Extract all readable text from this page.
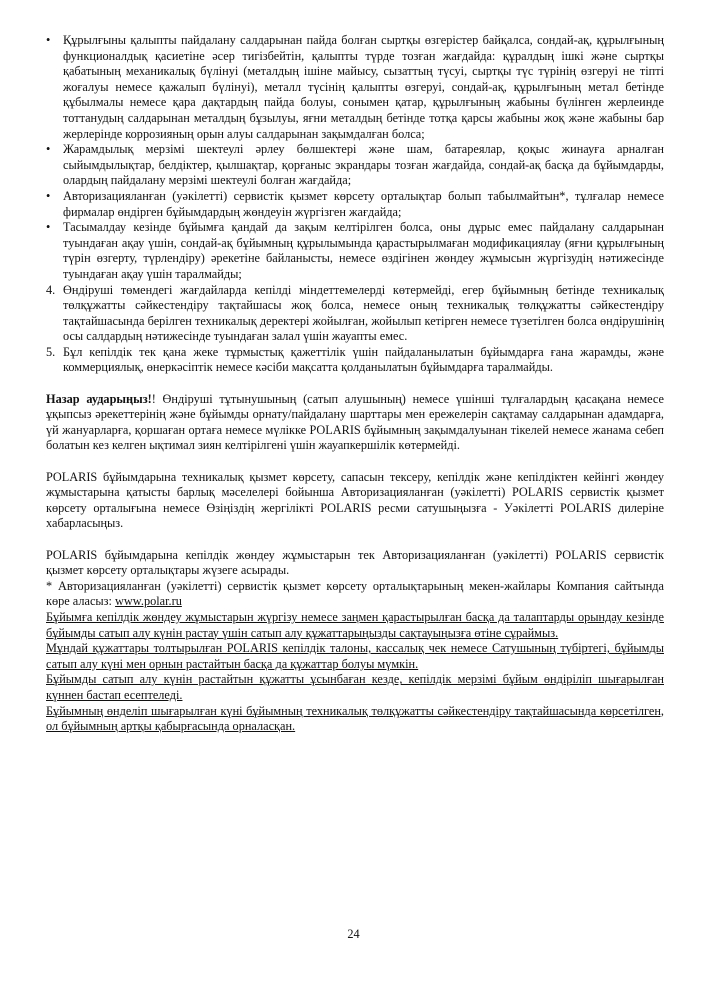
• Құрылғыны қалыпты пайдалану салдарынан пайда болған сыртқы өзгерістер байқалса, сондай-ақ, құрылғының функционалдық қасиетіне әсер тигізбейтін, қалыпты түрде тозған жағдайда: құралдың ішкі және сыртқы қабатының механикалық бүлінуі (металдың ішіне майысу, сызаттың түсуі, сыртқы түс түрінің өзгеруі не тіпті жоғалуы немесе қажалып бүлінуі), металл түсінің қалыпты өзгеруі, сондай-ақ, құрылғының метал бетінде құбылмалы немесе қара дақтардың пайда болуы, сонымен қатар, құрылғының жабыны бүлінген жерлеинде тоттанудың салдарынан металдың бұзылуы, яғни металдың бетінде тотқа қарсы жабыны жоқ және жабыны бар жерлерінде коррозияның орын алуы салдарынан зақымдалған болса;

• Жарамдылық мерзімі шектеулі әрлеу бөлшектері және шам, батареялар, қоқыс жинауға арналған сыйымдылықтар, белдіктер, қылшақтар, қорғаныс экрандары тозған жағдайда, сондай-ақ басқа да бұйымдарды, олардың пайдалану мерзімі шектеулі болған жағдайда;

• Авторизацияланған (уәкілетті) сервистік қызмет көрсету орталықтар болып табылмайтын*, тұлғалар немесе фирмалар өндірген бұйымдардың жөндеуін жүргізген жағдайда;

• Тасымалдау кезінде бұйымға қандай да зақым келтірілген болса, оны дұрыс емес пайдалану салдарынан туындаған ақау үшін, сондай-ақ бұйымның құрылымында қарастырылмаған модификациялау (яғни құрылғының түрін өзгерту, түрлендіру) әрекетіне байланысты, немесе өздігінен жөндеу жұмысын жүргізудің нәтижесінде туындаған ақау үшін таралмайды;

4. Өндіруші төмендегі жағдайларда кепілді міндеттемелерді көтермейді, егер бұйымның бетінде техникалық төлқұжатты сәйкестендіру тақтайшасы жоқ болса, немесе оның техникалық төлқұжатты сәйкестендіру тақтайшасында берілген техникалық деректері жойылған, жойылып кетірген немесе түзетілген болса өндірушінің осы салдардың нәтижесінде туындаған залал үшін жауапты емес.

5. Бұл кепілдік тек қана жеке тұрмыстық қажеттілік үшін пайдаланылатын бұйымдарға ғана жарамды, және коммерциялық, өнеркәсіптік немесе кәсіби мақсатта қолданылатын бұйымдарға таралмайды.

Назар аударыңыз!! Өндіруші тұтынушының (сатып алушының) немесе үшінші тұлғалардың қасақана немесе ұқыпсыз әрекеттерінің және бұйымды орнату/пайдалану шарттары мен ережелерін сақтамау салдарынан адамдарға, үй жануарларға, қоршаған ортаға немесе мүлікке POLARIS бұйымның зақымдалуынан тікелей немесе жанама себеп болатын кез келген ықтимал зиян келтірілгені үшін жауапкершілік көтермейді.

POLARIS бұйымдарына техникалық қызмет көрсету, сапасын тексеру, кепілдік және кепілдіктен кейінгі жөндеу жұмыстарына қатысты барлық мәселелері бойынша Авторизацияланған (уәкілетті) POLARIS сервистік қызмет көрсету орталығына немесе Өзіңіздің жергілікті POLARIS ресми сатушыңызға - Уәкілетті POLARIS дилеріне хабарласыңыз.

POLARIS бұйымдарына кепілдік жөндеу жұмыстарын тек Авторизацияланған (уәкілетті) POLARIS сервистік қызмет көрсету орталықтары жүзеге асырады.

* Авторизацияланған (уәкілетті) сервистік қызмет көрсету орталықтарының мекен-жайлары Компания сайтында көре аласыз: www.polar.ru

Бұйымға кепілдік жөндеу жұмыстарын жүргізу немесе заңмен қарастырылған басқа да талаптарды орындау кезінде бұйымды сатып алу күнін растау үшін сатып алу құжаттарыңызды сақтауыңызға өтіне сұраймыз.

Мұндай құжаттары толтырылған POLARIS кепілдік талоны, кассалық чек немесе Сатушының түбіртегі, бұйымды сатып алу күні мен орнын растайтын басқа да құжаттар болуы мүмкін.

Бұйымды сатып алу күнін растайтын құжатты ұсынбаған кезде, кепілдік мерзімі бұйым өндіріліп шығарылған күннен бастап есептеледі.

Бұйымның өнделіп шығарылған күні бұйымның техникалық төлқұжатты сәйкестендіру тақтайшасында көрсетілген, ол бұйымның артқы қабырғасында орналасқан.

24
